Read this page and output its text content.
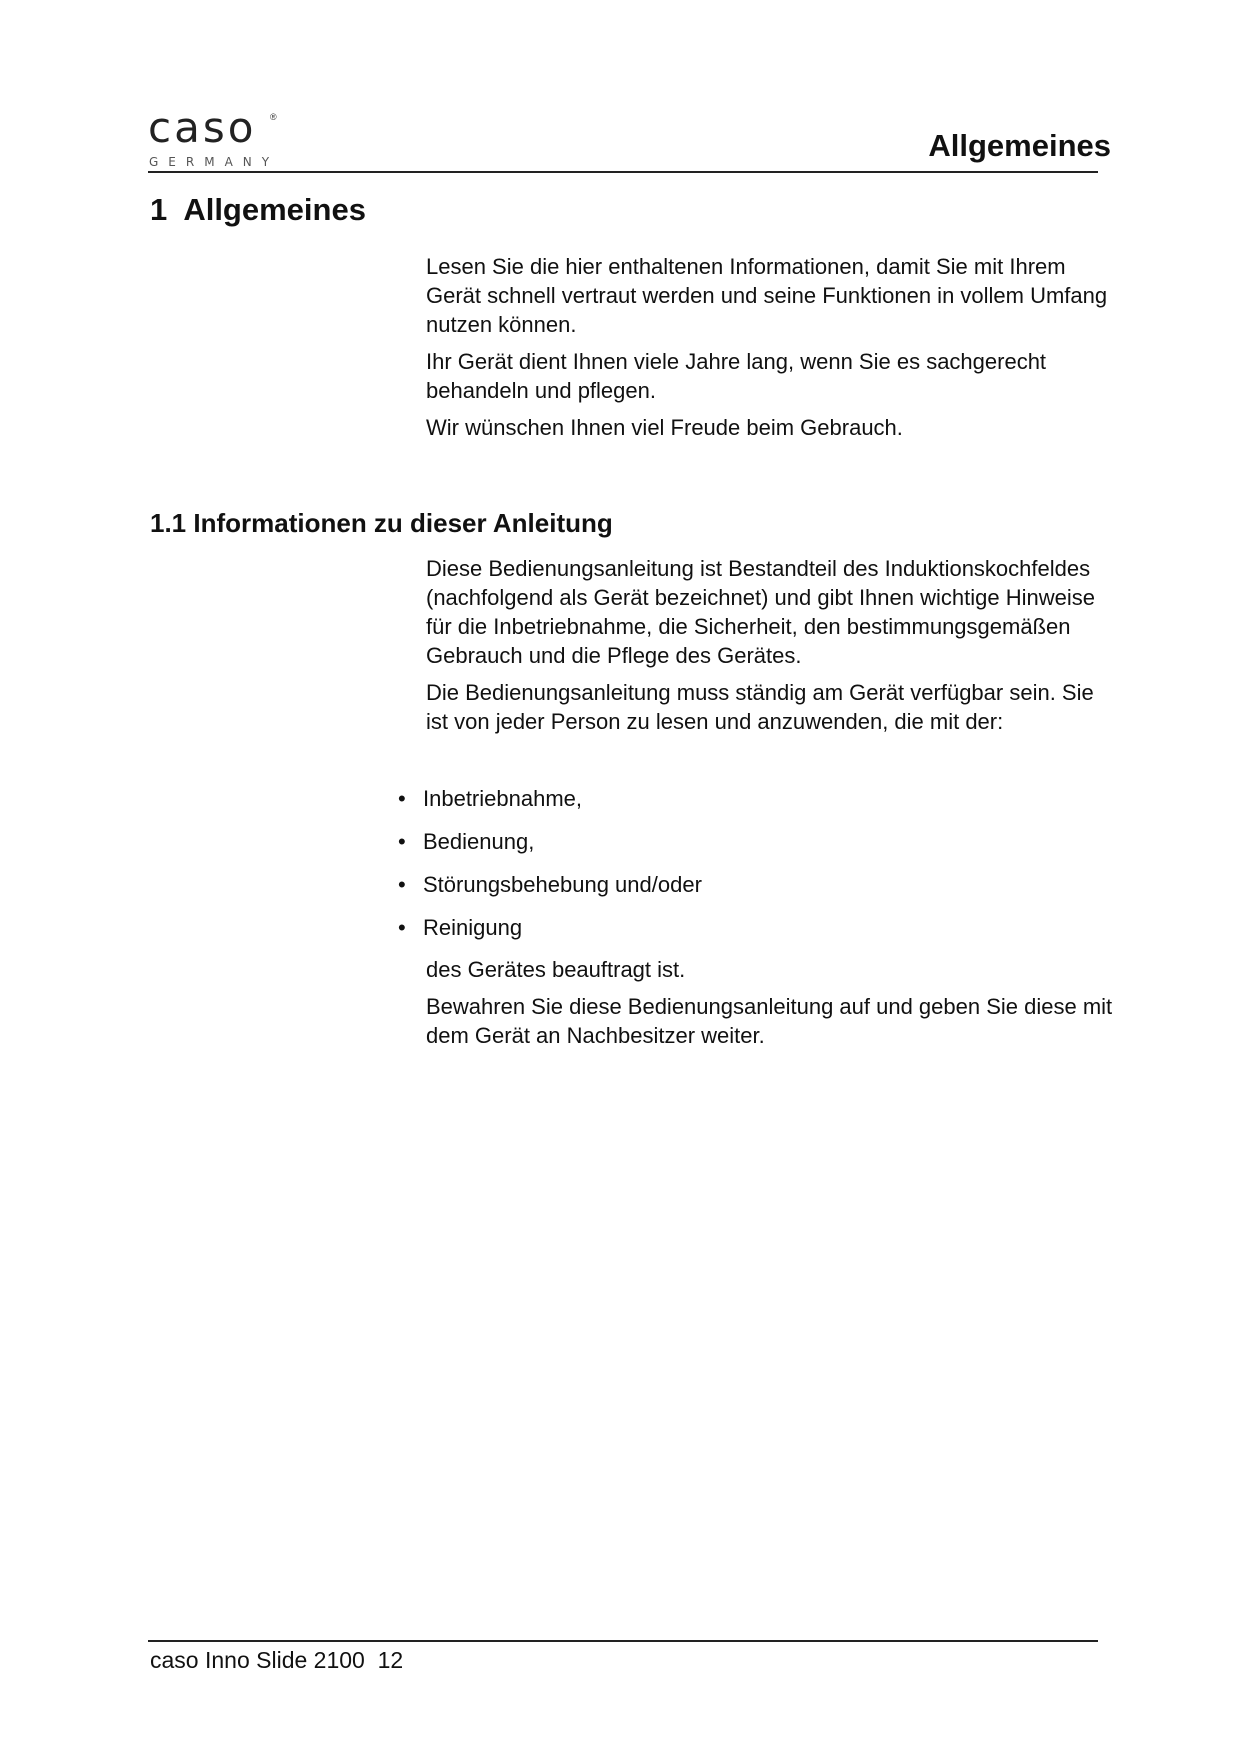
caso ®
GERMANY	Allgemeines
1  Allgemeines

Lesen Sie die hier enthaltenen Informationen, damit Sie mit Ihrem Gerät schnell vertraut werden und seine Funktionen in vollem Umfang nutzen können.

Ihr Gerät dient Ihnen viele Jahre lang, wenn Sie es sachgerecht behandeln und pflegen.

Wir wünschen Ihnen viel Freude beim Gebrauch.

1.1 Informationen zu dieser Anleitung

Diese Bedienungsanleitung ist Bestandteil des Induktionskochfeldes (nachfolgend als Gerät bezeichnet) und gibt Ihnen wichtige Hinweise für die Inbetriebnahme, die Sicherheit, den bestimmungsgemäßen Gebrauch und die Pflege des Gerätes.

Die Bedienungsanleitung muss ständig am Gerät verfügbar sein. Sie ist von jeder Person zu lesen und anzuwenden, die mit der:

• Inbetriebnahme,
• Bedienung,
• Störungsbehebung und/oder
• Reinigung

des Gerätes beauftragt ist.

Bewahren Sie diese Bedienungsanleitung auf und geben Sie diese mit dem Gerät an Nachbesitzer weiter.

caso Inno Slide 2100  12
